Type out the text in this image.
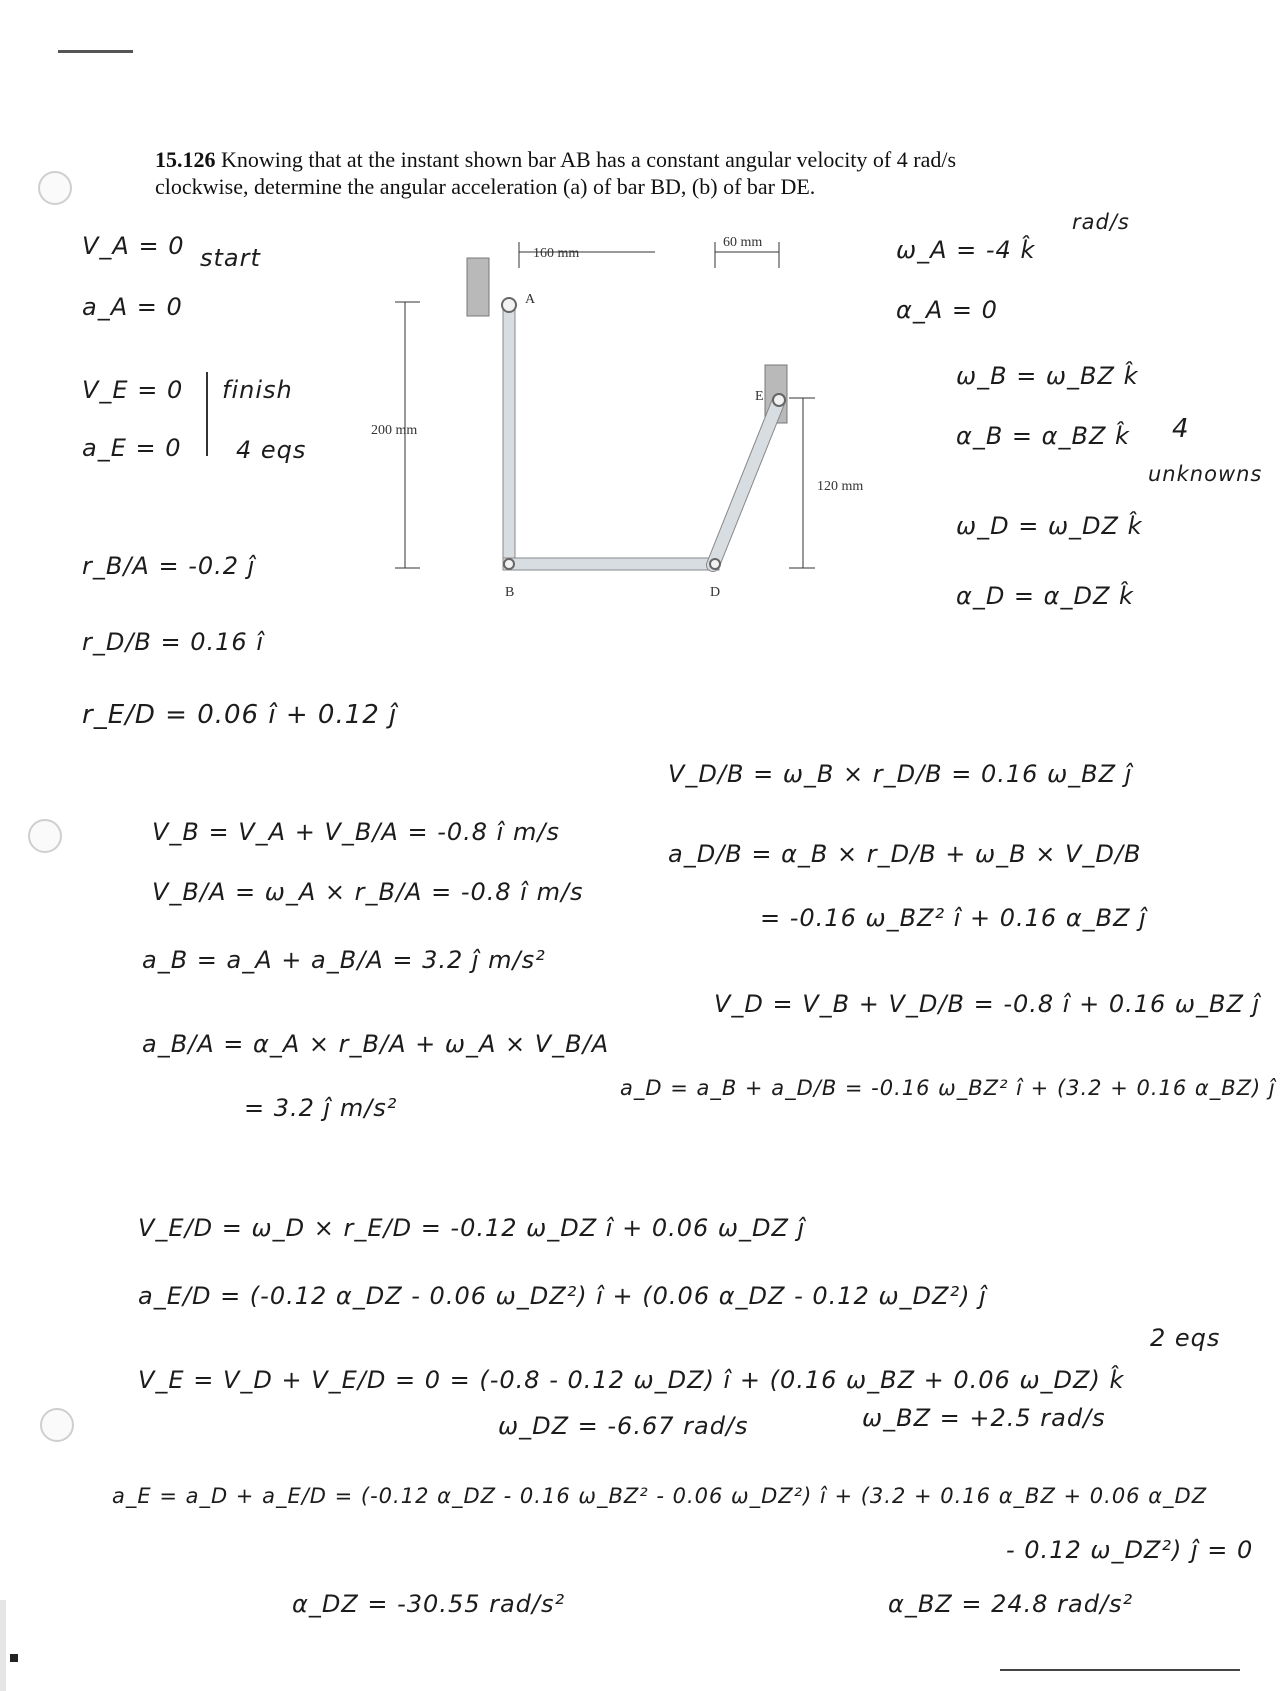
15.126 Knowing that at the instant shown bar AB has a constant angular velocity of 4 rad/s
clockwise, determine the angular acceleration (a) of bar BD, (b) of bar DE.
160 mm
60 mm
200 mm
120 mm
A
B	D
E
V_A = 0 start
a_A = 0
V_E = 0
a_E = 0
finish
4 eqs
r_B/A = -0.2 ĵ
r_D/B = 0.16 î
r_E/D = 0.06 î + 0.12 ĵ
ω_A = -4 k̂
rad/s
α_A = 0
ω_B = ω_BZ k̂
α_B = α_BZ k̂ 4
unknowns
ω_D = ω_DZ k̂
α_D = α_DZ k̂
V_B = V_A + V_B/A = -0.8 î m/s
V_B/A = ω_A × r_B/A = -0.8 î m/s
a_B = a_A + a_B/A = 3.2 ĵ m/s²
a_B/A = α_A × r_B/A + ω_A × V_B/A
= 3.2 ĵ m/s²
V_D/B = ω_B × r_D/B = 0.16 ω_BZ ĵ
a_D/B = α_B × r_D/B + ω_B × V_D/B
= -0.16 ω_BZ² î + 0.16 α_BZ ĵ
V_D = V_B + V_D/B = -0.8 î + 0.16 ω_BZ ĵ
a_D = a_B + a_D/B = -0.16 ω_BZ² î + (3.2 + 0.16 α_BZ) ĵ
V_E/D = ω_D × r_E/D = -0.12 ω_DZ î + 0.06 ω_DZ ĵ
a_E/D = (-0.12 α_DZ - 0.06 ω_DZ²) î + (0.06 α_DZ - 0.12 ω_DZ²) ĵ
V_E = V_D + V_E/D = 0 = (-0.8 - 0.12 ω_DZ) î + (0.16 ω_BZ + 0.06 ω_DZ) k̂
2 eqs
ω_DZ = -6.67 rad/s	ω_BZ = +2.5 rad/s
a_E = a_D + a_E/D = (-0.12 α_DZ - 0.16 ω_BZ² - 0.06 ω_DZ²) î + (3.2 + 0.16 α_BZ + 0.06 α_DZ
- 0.12 ω_DZ²) ĵ = 0
α_DZ = -30.55 rad/s²	α_BZ = 24.8 rad/s²
